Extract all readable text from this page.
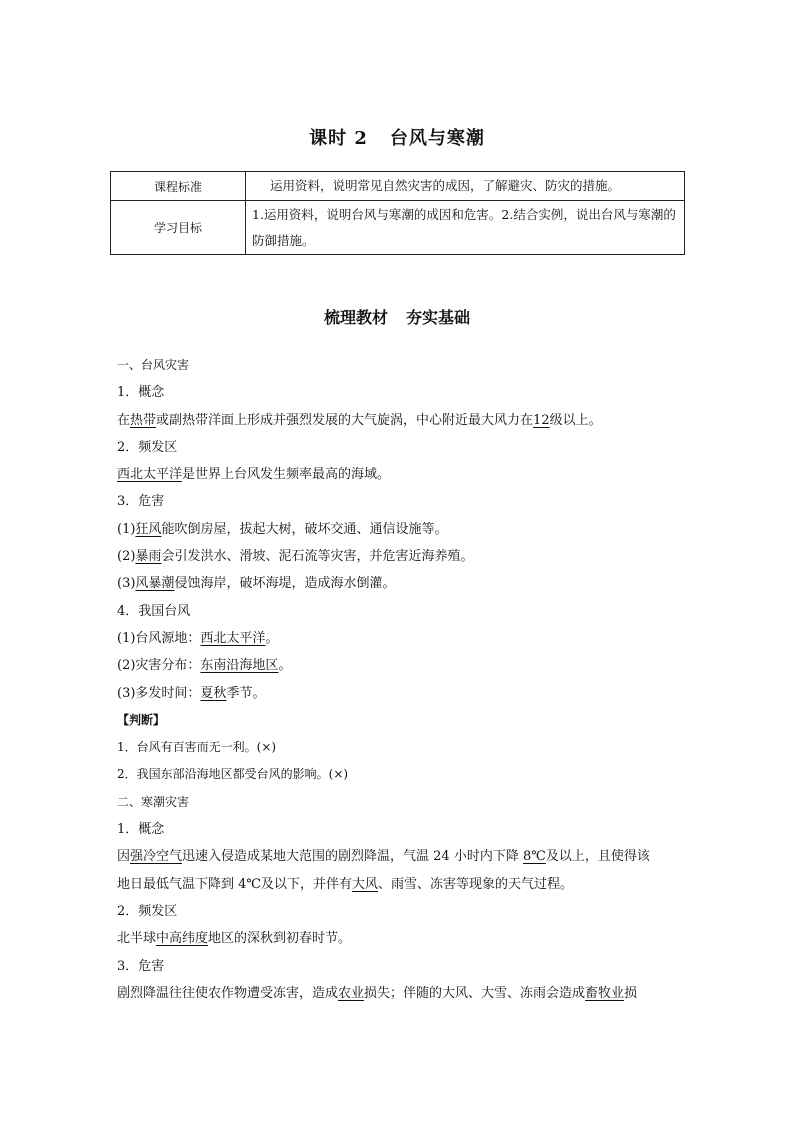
课时 2 台风与寒潮
课程标准	运用资料，说明常见自然灾害的成因，了解避灾、防灾的措施。
学习目标	1.运用资料，说明台风与寒潮的成因和危害。2.结合实例，说出台风与寒潮的防御措施。
梳理教材 夯实基础
一、台风灾害
1．概念
在热带或副热带洋面上形成并强烈发展的大气旋涡，中心附近最大风力在12级以上。
2．频发区
西北太平洋是世界上台风发生频率最高的海域。
3．危害
(1)狂风能吹倒房屋，拔起大树，破坏交通、通信设施等。
(2)暴雨会引发洪水、滑坡、泥石流等灾害，并危害近海养殖。
(3)风暴潮侵蚀海岸，破坏海堤，造成海水倒灌。
4．我国台风
(1)台风源地：西北太平洋。
(2)灾害分布：东南沿海地区。
(3)多发时间：夏秋季节。
【判断】
1．台风有百害而无一利。(×)
2．我国东部沿海地区都受台风的影响。(×)
二、寒潮灾害
1．概念
因强冷空气迅速入侵造成某地大范围的剧烈降温，气温 24 小时内下降 8℃及以上，且使得该
地日最低气温下降到 4℃及以下，并伴有大风、雨雪、冻害等现象的天气过程。
2．频发区
北半球中高纬度地区的深秋到初春时节。
3．危害
剧烈降温往往使农作物遭受冻害，造成农业损失；伴随的大风、大雪、冻雨会造成畜牧业损
